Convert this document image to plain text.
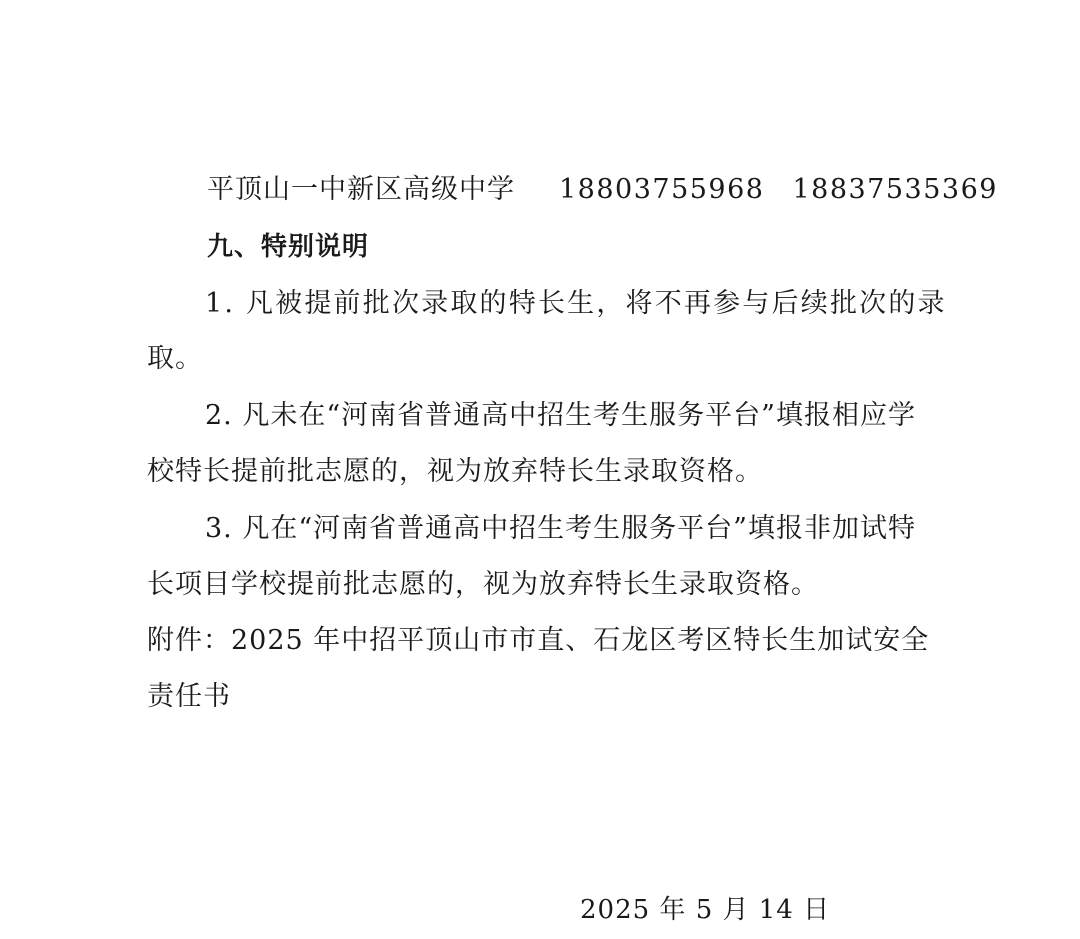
平顶山一中新区高级中学 18803755968 18837535369

九、特别说明

1. 凡被提前批次录取的特长生，将不再参与后续批次的录

取。

2. 凡未在“河南省普通高中招生考生服务平台”填报相应学

校特长提前批志愿的，视为放弃特长生录取资格。

3. 凡在“河南省普通高中招生考生服务平台”填报非加试特

长项目学校提前批志愿的，视为放弃特长生录取资格。

附件：2025 年中招平顶山市市直、石龙区考区特长生加试安全

责任书

2025 年 5 月 14 日
